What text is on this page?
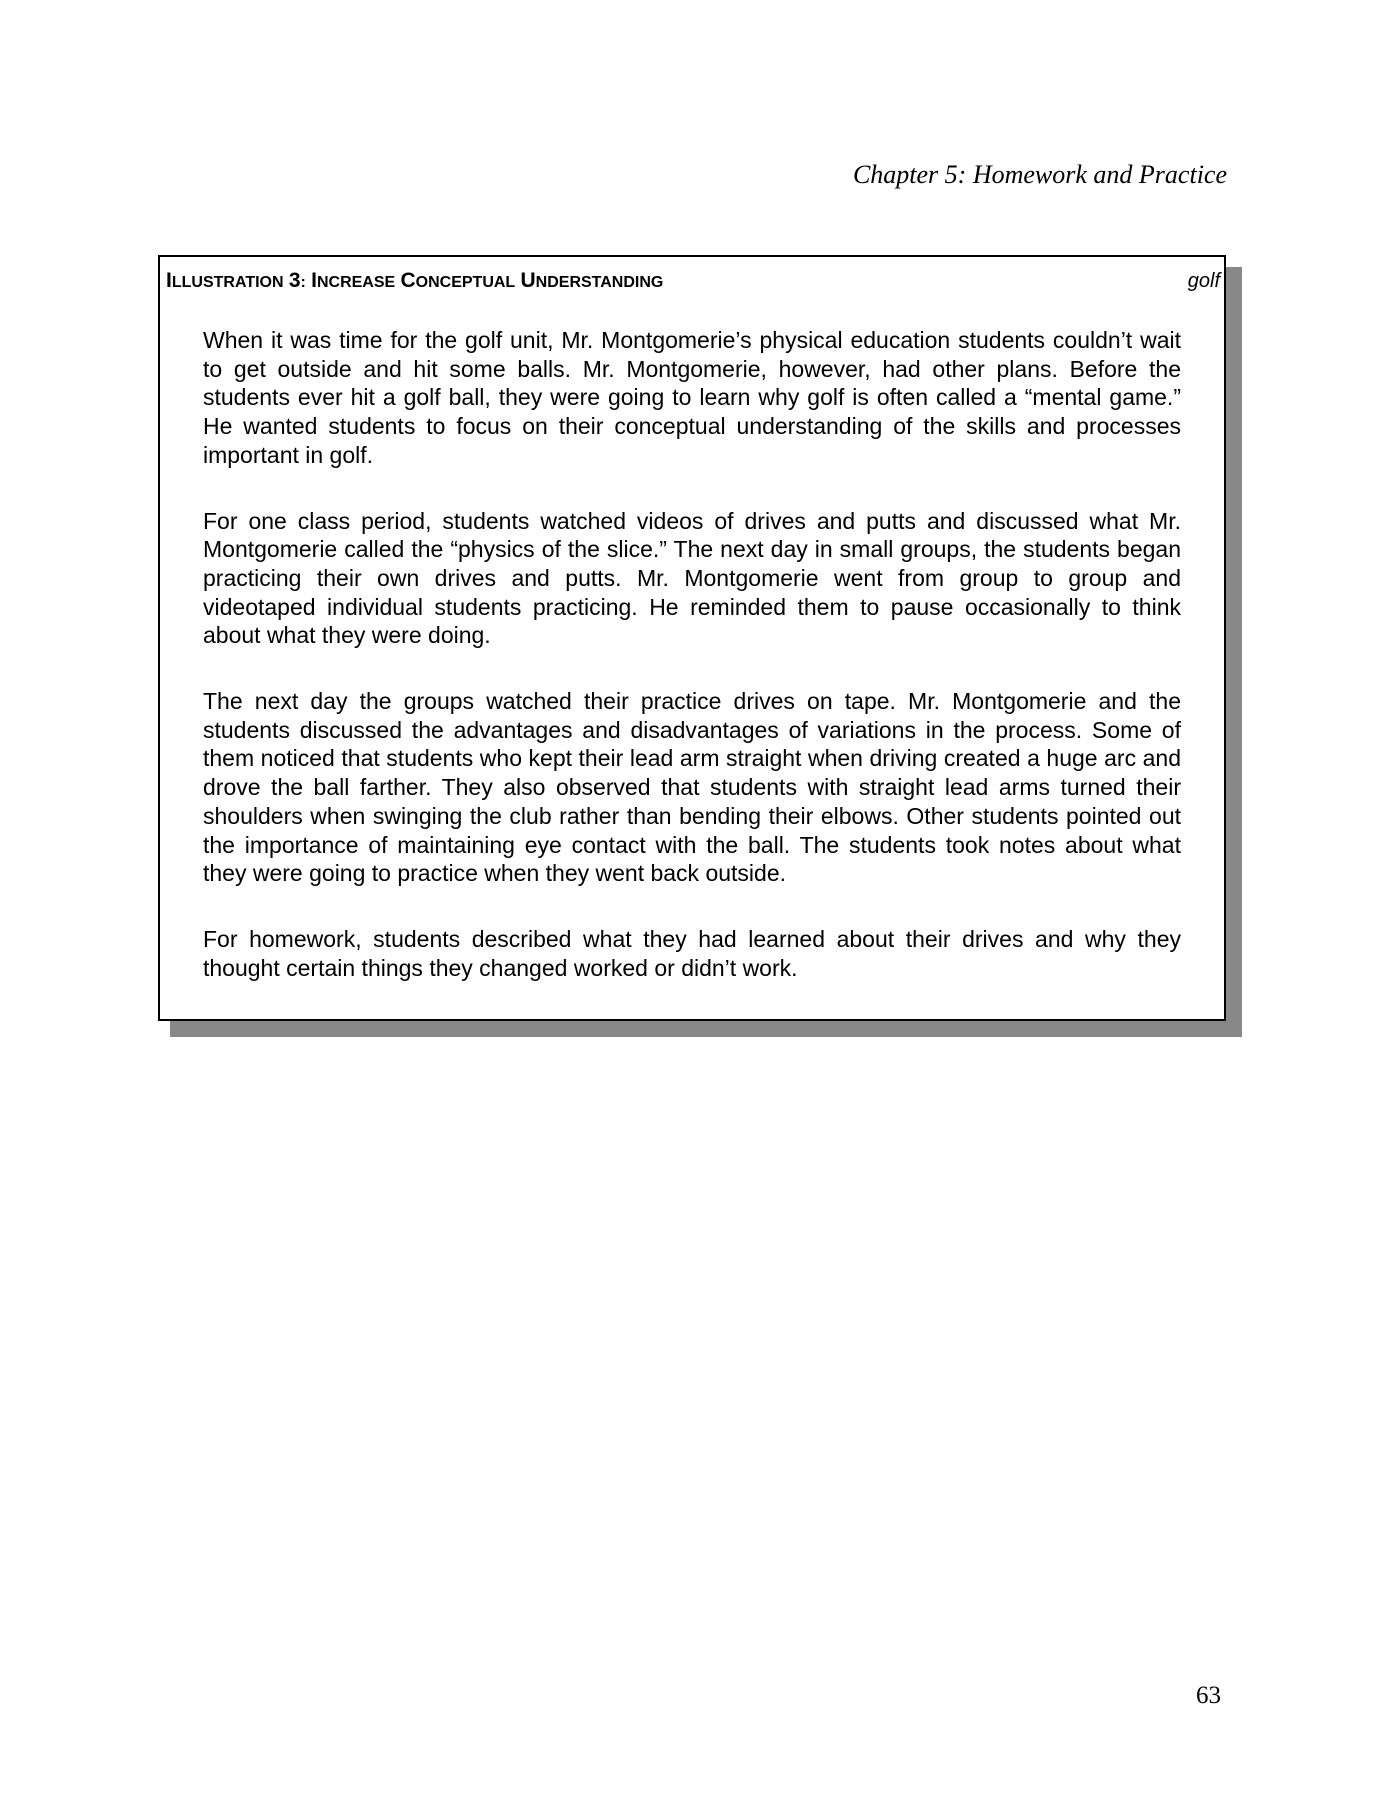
Chapter 5: Homework and Practice
ILLUSTRATION 3: INCREASE CONCEPTUAL UNDERSTANDING	golf

When it was time for the golf unit, Mr. Montgomerie’s physical education students couldn’t wait to get outside and hit some balls. Mr. Montgomerie, however, had other plans. Before the students ever hit a golf ball, they were going to learn why golf is often called a “mental game.” He wanted students to focus on their conceptual understanding of the skills and processes important in golf.

For one class period, students watched videos of drives and putts and discussed what Mr. Montgomerie called the “physics of the slice.” The next day in small groups, the students began practicing their own drives and putts. Mr. Montgomerie went from group to group and videotaped individual students practicing. He reminded them to pause occasionally to think about what they were doing.

The next day the groups watched their practice drives on tape. Mr. Montgomerie and the students discussed the advantages and disadvantages of variations in the process. Some of them noticed that students who kept their lead arm straight when driving created a huge arc and drove the ball farther. They also observed that students with straight lead arms turned their shoulders when swinging the club rather than bending their elbows. Other students pointed out the importance of maintaining eye contact with the ball. The students took notes about what they were going to practice when they went back outside.

For homework, students described what they had learned about their drives and why they thought certain things they changed worked or didn’t work.

63
